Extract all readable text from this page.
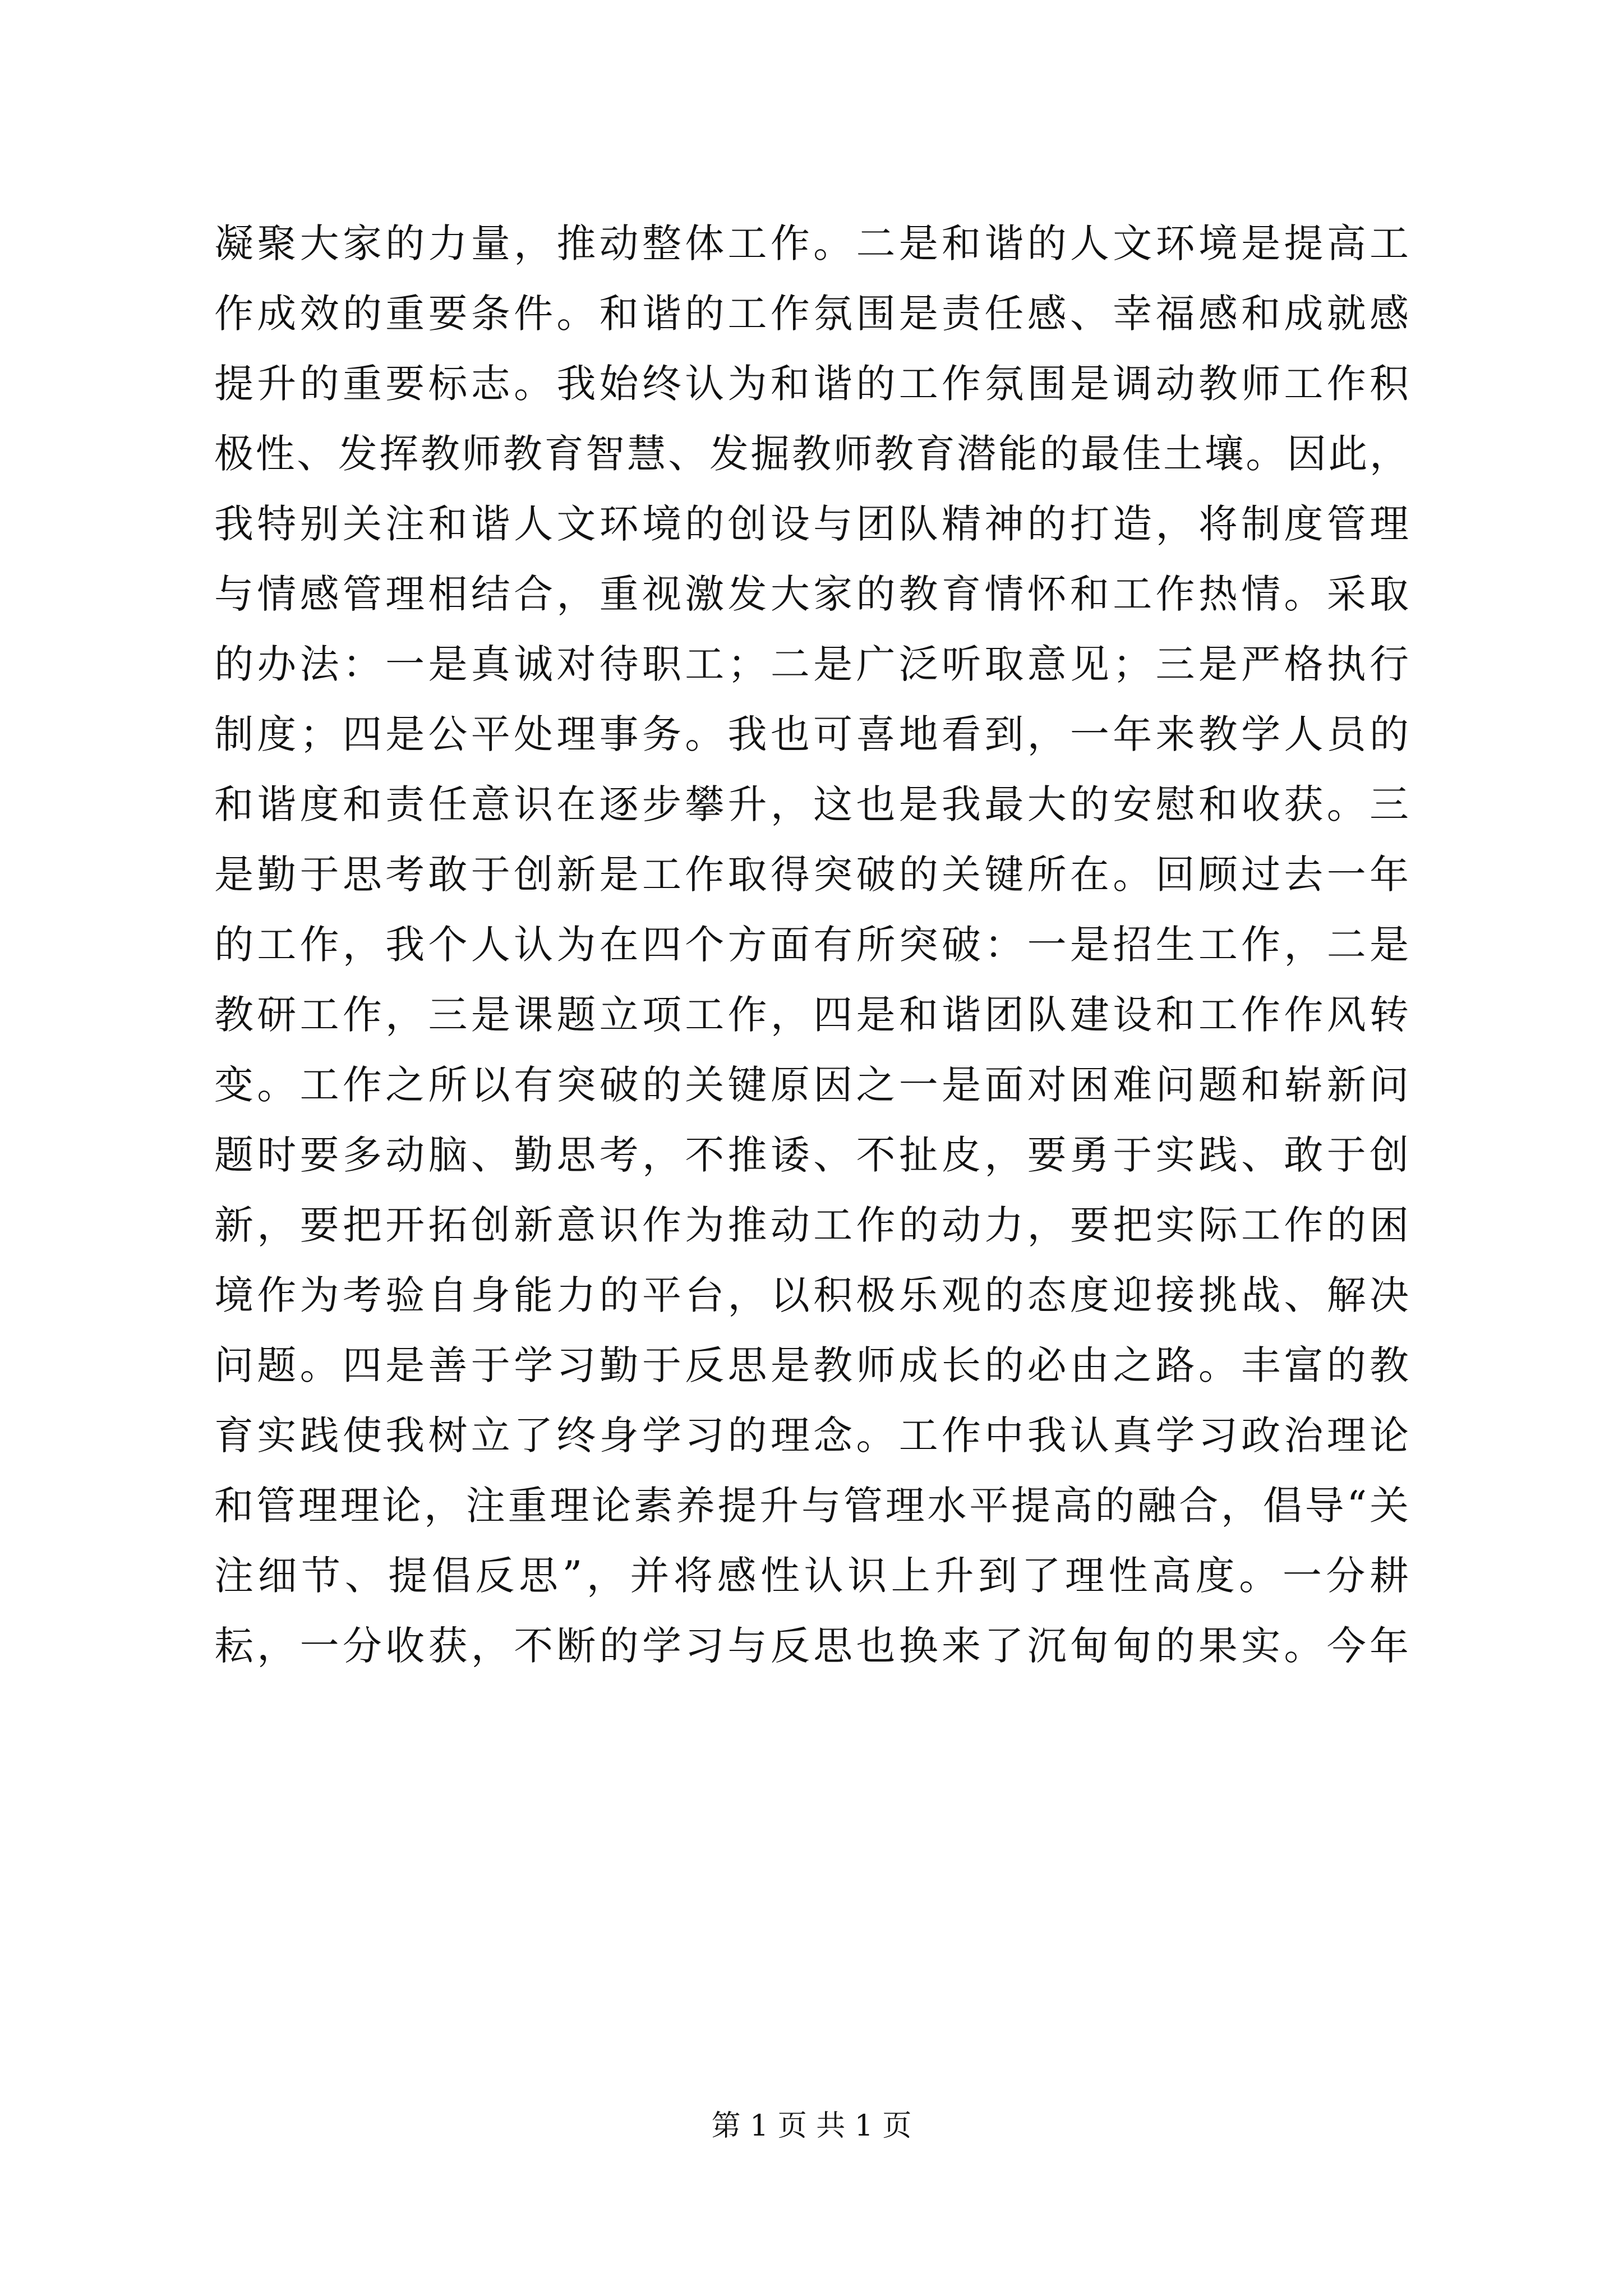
凝聚大家的力量，推动整体工作。二是和谐的人文环境是提高工
作成效的重要条件。和谐的工作氛围是责任感、幸福感和成就感
提升的重要标志。我始终认为和谐的工作氛围是调动教师工作积
极性、发挥教师教育智慧、发掘教师教育潜能的最佳土壤。因此，
我特别关注和谐人文环境的创设与团队精神的打造，将制度管理
与情感管理相结合，重视激发大家的教育情怀和工作热情。采取
的办法：一是真诚对待职工；二是广泛听取意见；三是严格执行
制度；四是公平处理事务。我也可喜地看到，一年来教学人员的
和谐度和责任意识在逐步攀升，这也是我最大的安慰和收获。三
是勤于思考敢于创新是工作取得突破的关键所在。回顾过去一年
的工作，我个人认为在四个方面有所突破：一是招生工作，二是
教研工作，三是课题立项工作，四是和谐团队建设和工作作风转
变。工作之所以有突破的关键原因之一是面对困难问题和崭新问
题时要多动脑、勤思考，不推诿、不扯皮，要勇于实践、敢于创
新，要把开拓创新意识作为推动工作的动力，要把实际工作的困
境作为考验自身能力的平台，以积极乐观的态度迎接挑战、解决
问题。四是善于学习勤于反思是教师成长的必由之路。丰富的教
育实践使我树立了终身学习的理念。工作中我认真学习政治理论
和管理理论，注重理论素养提升与管理水平提高的融合，倡导“关
注细节、提倡反思”，并将感性认识上升到了理性高度。一分耕
耘，一分收获，不断的学习与反思也换来了沉甸甸的果实。今年
第 1 页 共 1 页
